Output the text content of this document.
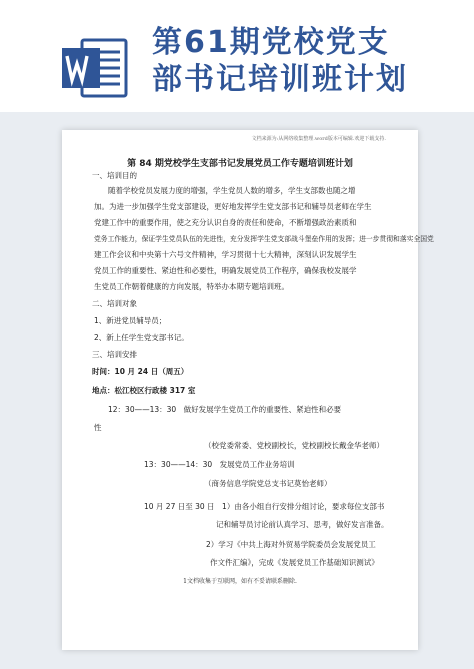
第61期党校党支
部书记培训班计划
文档来源为:从网络收集整理.word版本可编辑.欢迎下载支持.
第 84 期党校学生支部书记发展党员工作专题培训班计划
一、培训目的
随着学校党员发展力度的增强，学生党员人数的增多，学生支部数也随之增
加。为进一步加强学生党支部建设，更好地发挥学生党支部书记和辅导员老师在学生
党建工作中的重要作用，使之充分认识自身的责任和使命，不断增强政治素质和
党务工作能力，保证学生党员队伍的先进性，充分发挥学生党支部战斗堡垒作用的发挥；进一步贯彻和落实全国党
建工作会议和中央第十六号文件精神，学习贯彻十七大精神，深刻认识发展学生
党员工作的重要性、紧迫性和必要性，明确发展党员工作程序，确保我校发展学
生党员工作朝着健康的方向发展，特举办本期专题培训班。
二、培训对象
1、新进党员辅导员；
2、新上任学生党支部书记。
三、培训安排
时间：10 月 24 日（周五）
地点：松江校区行政楼 317 室
12：30——13：30　做好发展学生党员工作的重要性、紧迫性和必要
性
（校党委常委、党校副校长，党校副校长戴金华老师）
13：30——14：30　发展党员工作业务培训
（商务信息学院党总支书记莫怡老师）
10 月 27 日至 30 日　1）由各小组自行安排分组讨论，要求每位支部书
记和辅导员讨论前认真学习、思考，做好发言准备。
2）学习《中共上海对外贸易学院委员会发展党员工
作文件汇编》，完成《发展党员工作基础知识测试》
1文档收集于互联网，如有不妥请联系删除.
